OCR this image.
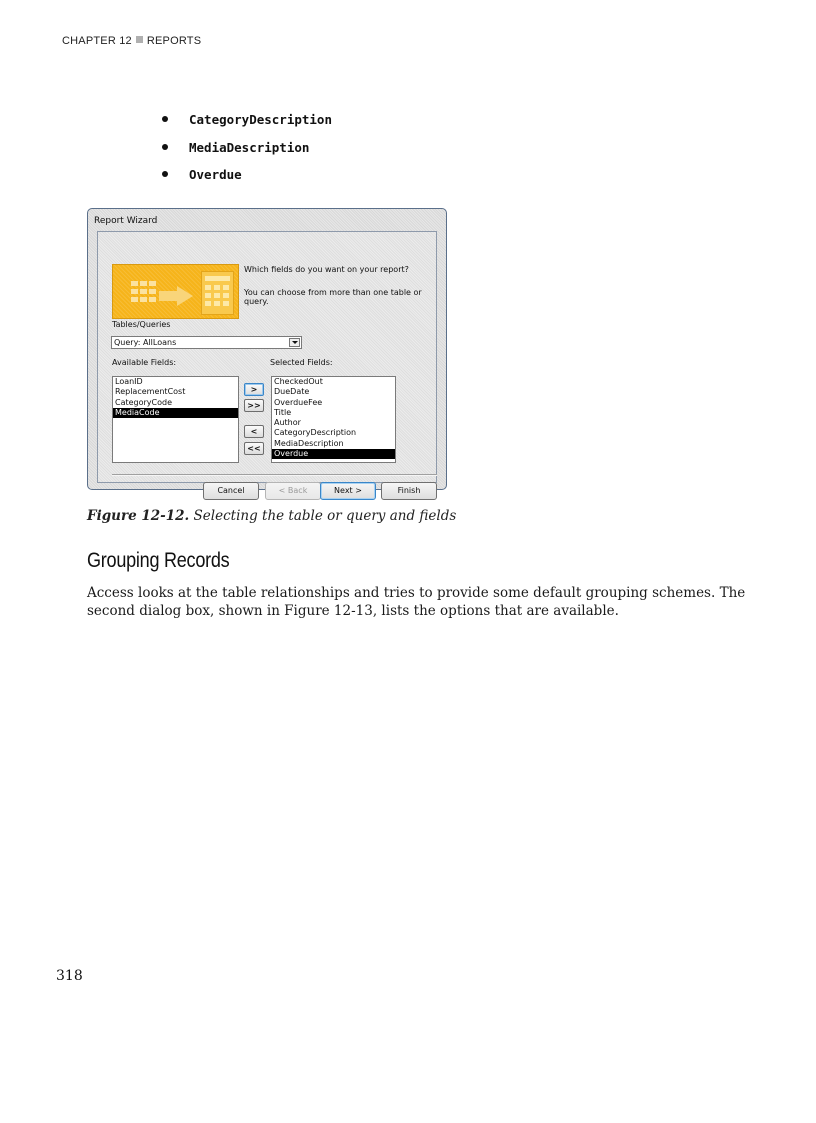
CHAPTER 12 REPORTS
CategoryDescription
MediaDescription
Overdue
Report Wizard
Which fields do you want on your report?
You can choose from more than one table or query.
Tables/Queries
Query: AllLoans
Available Fields:	Selected Fields:
LoanID
ReplacementCost
CategoryCode
MediaCode
>
>>
<
<<
CheckedOut
DueDate
OverdueFee
Title
Author
CategoryDescription
MediaDescription
Overdue
Cancel	< Back	Next >	Finish
Figure 12-12. Selecting the table or query and fields
Grouping Records
Access looks at the table relationships and tries to provide some default grouping schemes. The second dialog box, shown in Figure 12-13, lists the options that are available.
318
